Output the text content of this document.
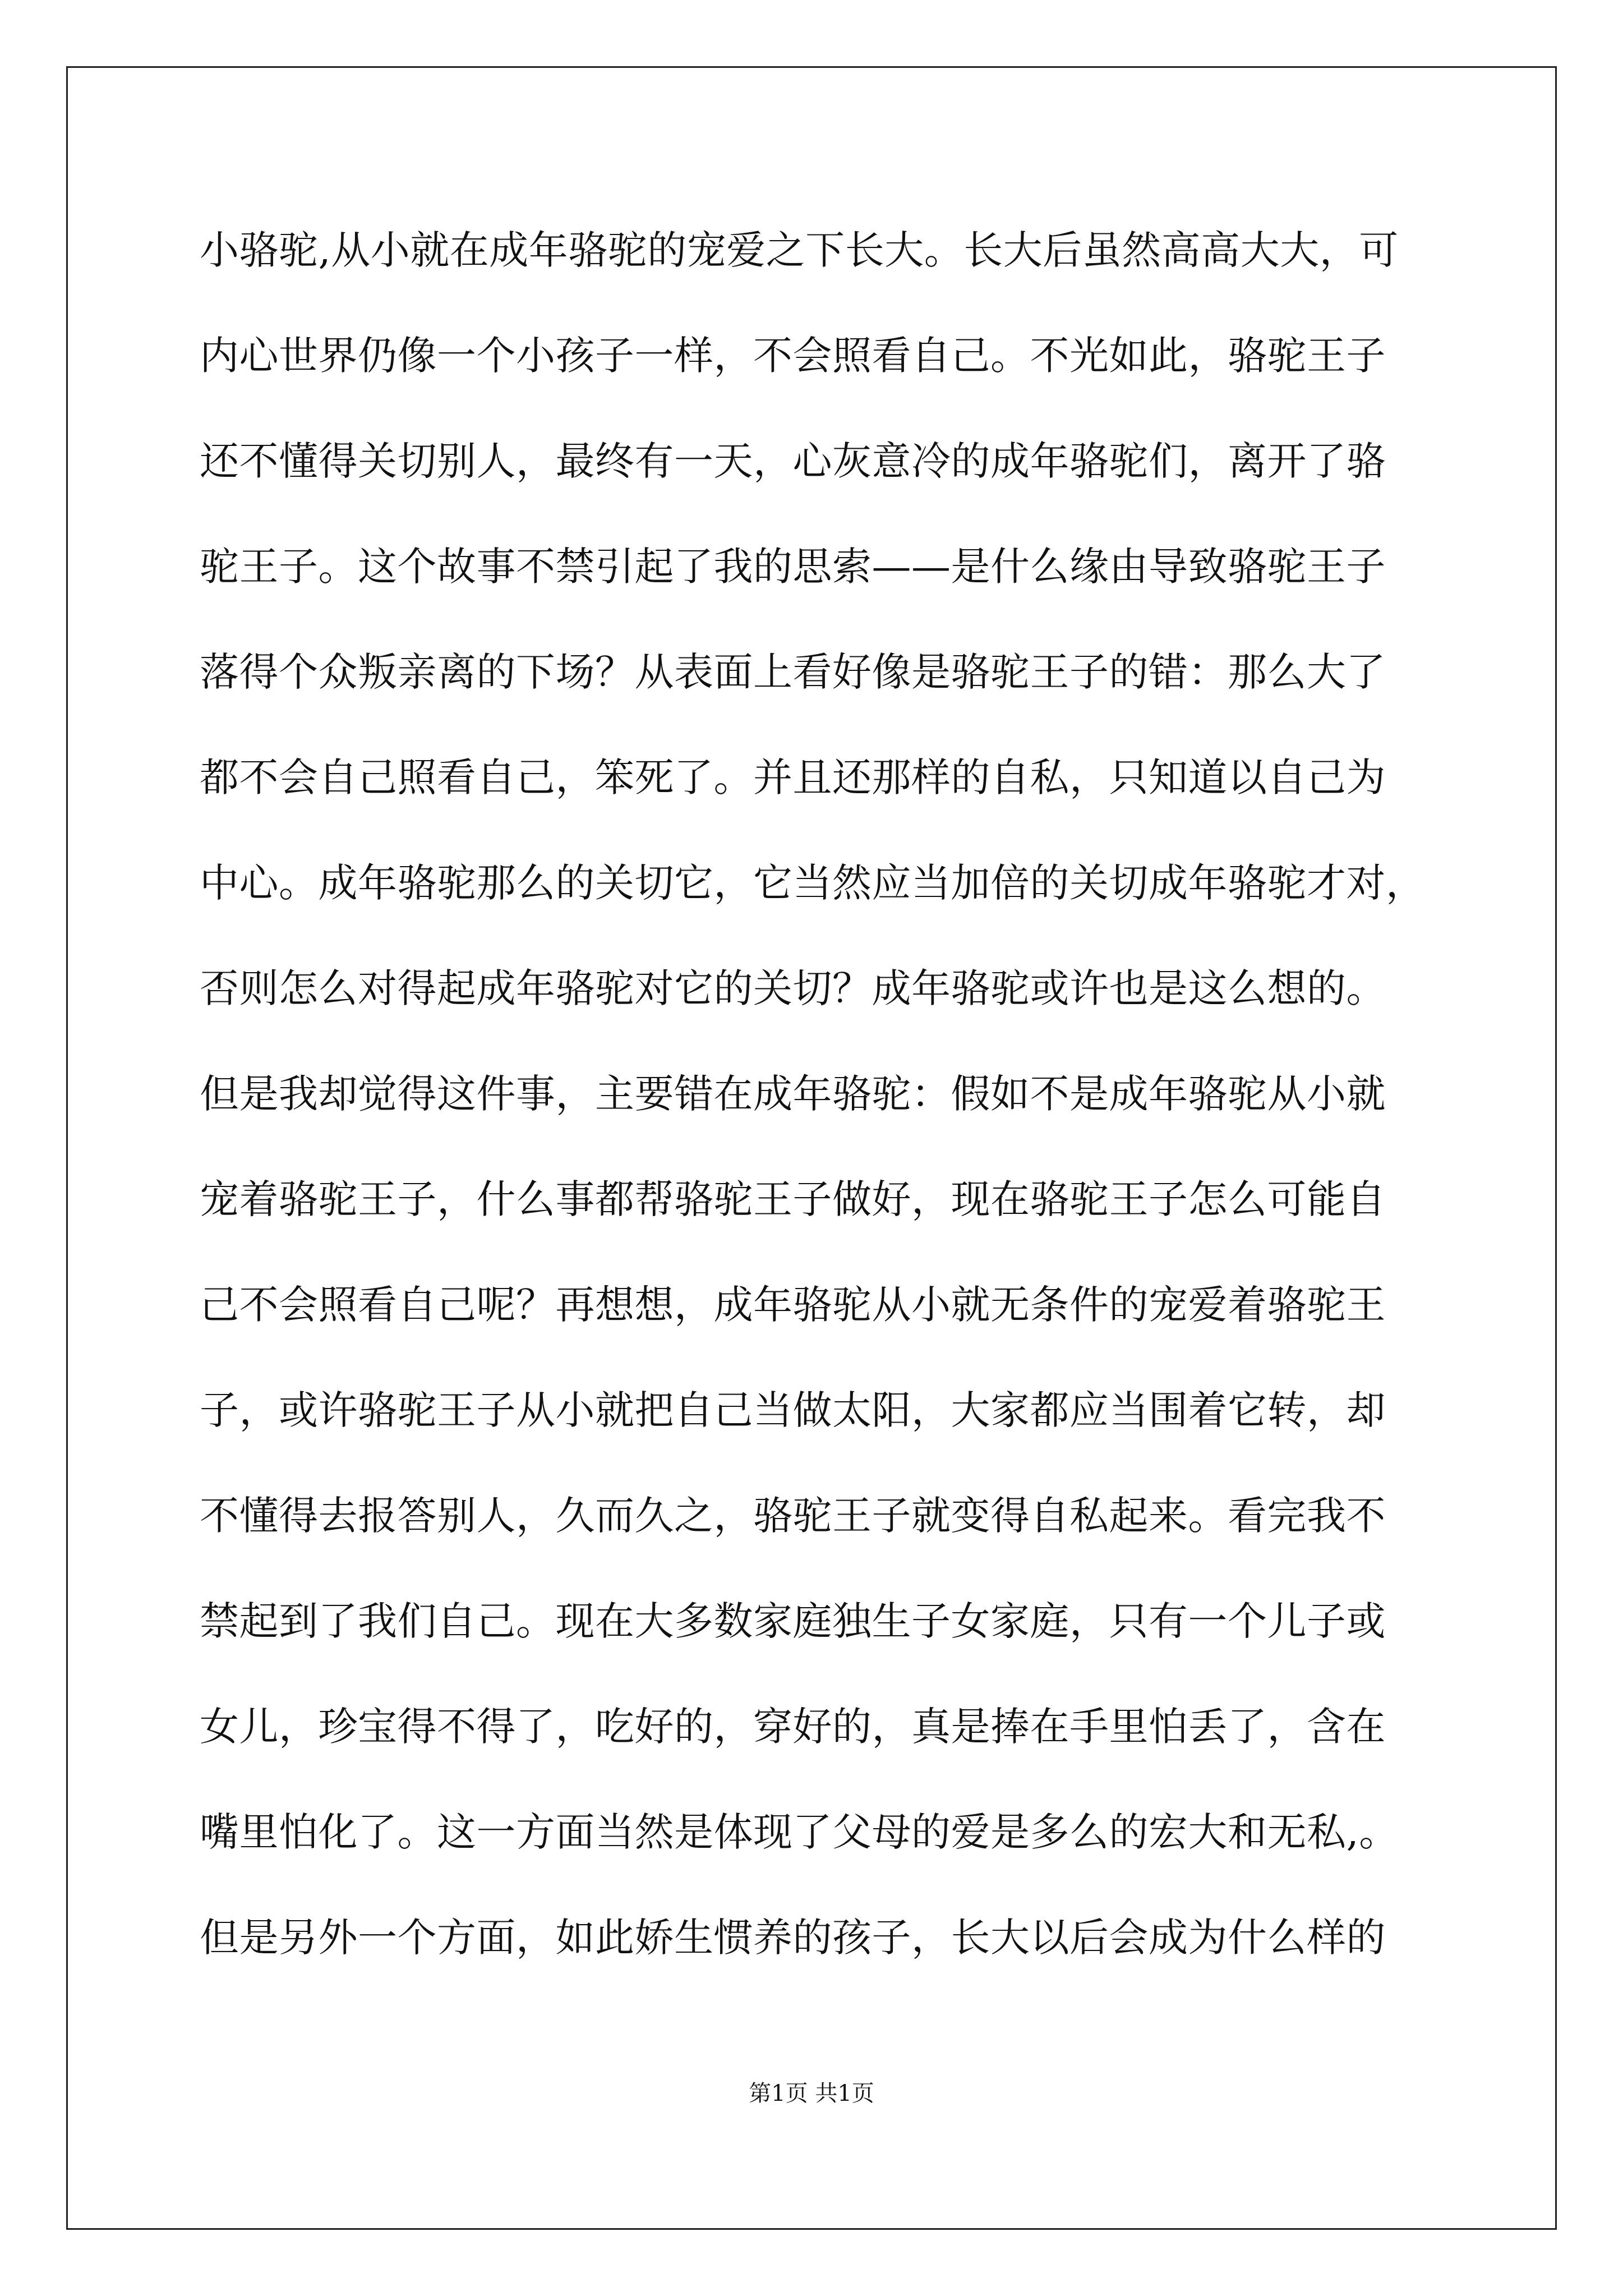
小骆驼,从小就在成年骆驼的宠爱之下长大。长大后虽然高高大大，可
内心世界仍像一个小孩子一样，不会照看自己。不光如此，骆驼王子
还不懂得关切别人，最终有一天，心灰意冷的成年骆驼们，离开了骆
驼王子。这个故事不禁引起了我的思索——是什么缘由导致骆驼王子
落得个众叛亲离的下场？从表面上看好像是骆驼王子的错：那么大了
都不会自己照看自己，笨死了。并且还那样的自私，只知道以自己为
中心。成年骆驼那么的关切它，它当然应当加倍的关切成年骆驼才对，
否则怎么对得起成年骆驼对它的关切？成年骆驼或许也是这么想的。
但是我却觉得这件事，主要错在成年骆驼：假如不是成年骆驼从小就
宠着骆驼王子，什么事都帮骆驼王子做好，现在骆驼王子怎么可能自
己不会照看自己呢？再想想，成年骆驼从小就无条件的宠爱着骆驼王
子，或许骆驼王子从小就把自己当做太阳，大家都应当围着它转，却
不懂得去报答别人，久而久之，骆驼王子就变得自私起来。看完我不
禁起到了我们自己。现在大多数家庭独生子女家庭，只有一个儿子或
女儿，珍宝得不得了，吃好的，穿好的，真是捧在手里怕丢了，含在
嘴里怕化了。这一方面当然是体现了父母的爱是多么的宏大和无私,。
但是另外一个方面，如此娇生惯养的孩子，长大以后会成为什么样的
第1页 共1页
